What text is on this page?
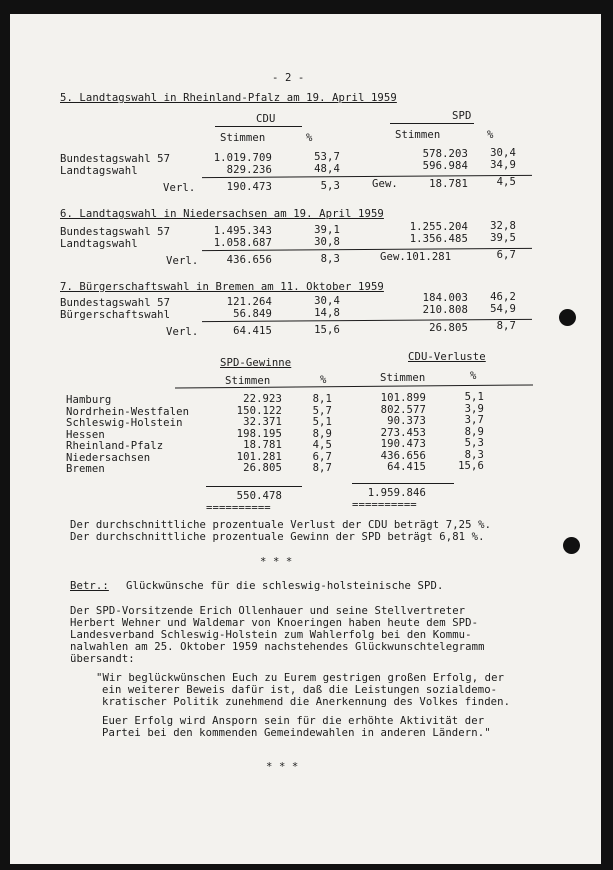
- 2 -
5. Landtagswahl in Rheinland-Pfalz am 19. April 1959
CDU	SPD
Stimmen	%	Stimmen	%
Bundestagswahl 57	1.019.709	53,7	578.203	30,4
Landtagswahl	829.236	48,4	596.984	34,9
Verl.	190.473	5,3	Gew.	18.781	4,5
6. Landtagswahl in Niedersachsen am 19. April 1959
Bundestagswahl 57	1.495.343	39,1	1.255.204	32,8
Landtagswahl	1.058.687	30,8	1.356.485	39,5
Verl.	436.656	8,3	Gew.101.281	6,7
7. Bürgerschaftswahl in Bremen am 11. Oktober 1959
Bundestagswahl 57	121.264	30,4	184.003	46,2
Bürgerschaftswahl	56.849	14,8	210.808	54,9
Verl.	64.415	15,6	26.805	8,7
SPD-Gewinne	CDU-Verluste
Stimmen	%	Stimmen	%
Hamburg	22.923	8,1	101.899	5,1
Nordrhein-Westfalen	150.122	5,7	802.577	3,9
Schleswig-Holstein	32.371	5,1	90.373	3,7
Hessen	198.195	8,9	273.453	8,9
Rheinland-Pfalz	18.781	4,5	190.473	5,3
Niedersachsen	101.281	6,7	436.656	8,3
Bremen	26.805	8,7	64.415	15,6
550.478	1.959.846
==========	==========
Der durchschnittliche prozentuale Verlust der CDU beträgt 7,25 %.
Der durchschnittliche prozentuale Gewinn der SPD beträgt 6,81 %.
* * *
Betr.: Glückwünsche für die schleswig-holsteinische SPD.
Der SPD-Vorsitzende Erich Ollenhauer und seine Stellvertreter
Herbert Wehner und Waldemar von Knoeringen haben heute dem SPD-
Landesverband Schleswig-Holstein zum Wahlerfolg bei den Kommu-
nalwahlen am 25. Oktober 1959 nachstehendes Glückwunschtelegramm
übersandt:
"Wir beglückwünschen Euch zu Eurem gestrigen großen Erfolg, der
ein weiterer Beweis dafür ist, daß die Leistungen sozialdemo-
kratischer Politik zunehmend die Anerkennung des Volkes finden.
Euer Erfolg wird Ansporn sein für die erhöhte Aktivität der
Partei bei den kommenden Gemeindewahlen in anderen Ländern."
* * *
